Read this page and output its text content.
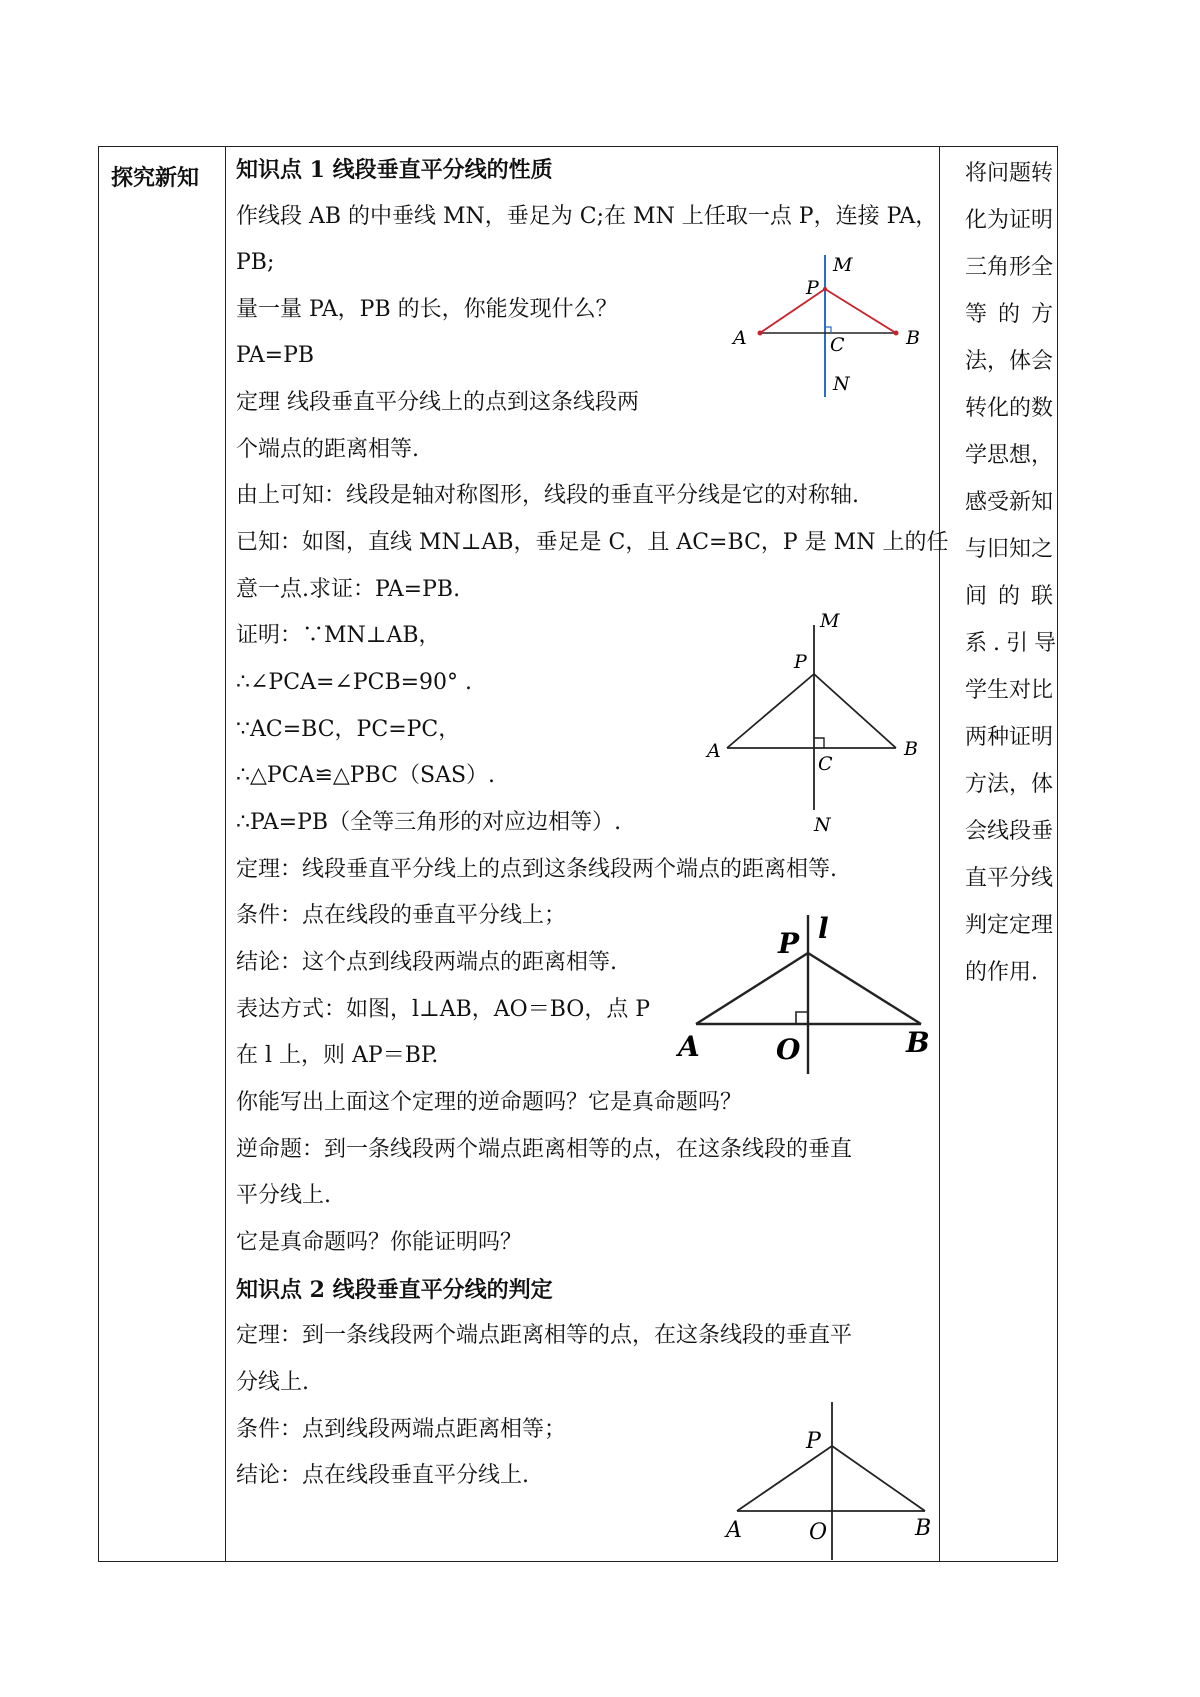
探究新知 知识点 1 线段垂直平分线的性质
作线段 AB 的中垂线 MN，垂足为 C;在 MN 上任取一点 P，连接 PA，
PB;
量一量 PA，PB 的长，你能发现什么？
PA=PB
定理 线段垂直平分线上的点到这条线段两
个端点的距离相等.
由上可知：线段是轴对称图形，线段的垂直平分线是它的对称轴.
已知：如图，直线 MN⊥AB，垂足是 C，且 AC=BC，P 是 MN 上的任
意一点.求证：PA=PB.
证明：∵MN⊥AB，
∴∠PCA=∠PCB=90° .
∵AC=BC，PC=PC，
∴△PCA≌△PBC（SAS）.
∴PA=PB（全等三角形的对应边相等）.
定理：线段垂直平分线上的点到这条线段两个端点的距离相等.
条件：点在线段的垂直平分线上；
结论：这个点到线段两端点的距离相等.
表达方式：如图，l⊥AB，AO＝BO，点 P
在 l 上，则 AP＝BP.
你能写出上面这个定理的逆命题吗？它是真命题吗？
逆命题：到一条线段两个端点距离相等的点，在这条线段的垂直
平分线上.
它是真命题吗？你能证明吗？
知识点 2 线段垂直平分线的判定
定理：到一条线段两个端点距离相等的点，在这条线段的垂直平
分线上.
条件：点到线段两端点距离相等；
结论：点在线段垂直平分线上.
将问题转
化为证明
三角形全
等的方
法，体会
转化的数
学思想，
感受新知
与旧知之
间的联
系.引导
学生对比
两种证明
方法，体
会线段垂
直平分线
判定定理
的作用.
A	B
C
P
M
N
A	B
C
P
M
N
A	B
O
P l
A	B
O
P
